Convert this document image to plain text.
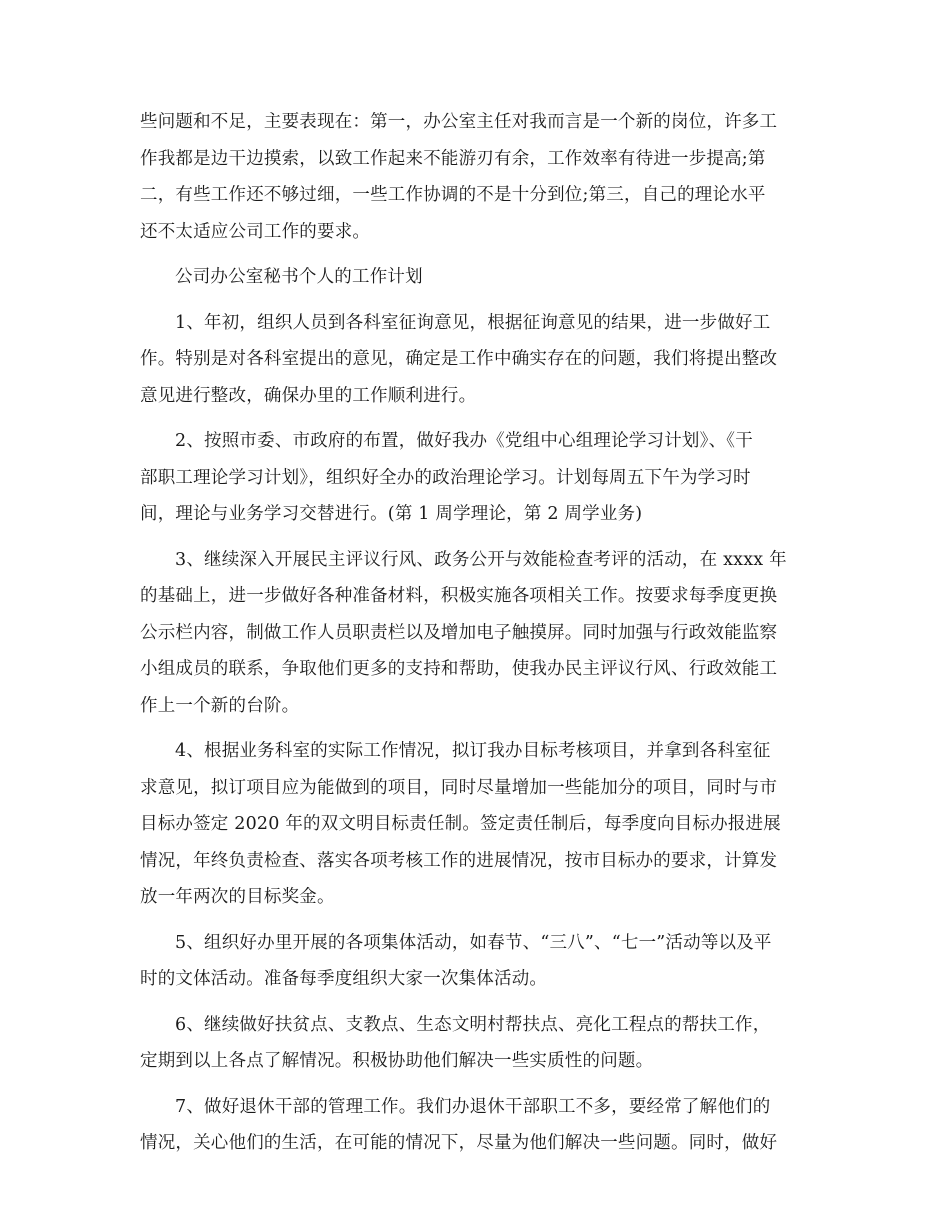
些问题和不足，主要表现在：第一，办公室主任对我而言是一个新的岗位，许多工
作我都是边干边摸索，以致工作起来不能游刃有余，工作效率有待进一步提高;第
二，有些工作还不够过细，一些工作协调的不是十分到位;第三，自己的理论水平
还不太适应公司工作的要求。
公司办公室秘书个人的工作计划
1、年初，组织人员到各科室征询意见，根据征询意见的结果，进一步做好工
作。特别是对各科室提出的意见，确定是工作中确实存在的问题，我们将提出整改
意见进行整改，确保办里的工作顺利进行。
2、按照市委、市政府的布置，做好我办《党组中心组理论学习计划》、《干
部职工理论学习计划》，组织好全办的政治理论学习。计划每周五下午为学习时
间，理论与业务学习交替进行。(第 1 周学理论，第 2 周学业务)
3、继续深入开展民主评议行风、政务公开与效能检查考评的活动，在 xxxx 年
的基础上，进一步做好各种准备材料，积极实施各项相关工作。按要求每季度更换
公示栏内容，制做工作人员职责栏以及增加电子触摸屏。同时加强与行政效能监察
小组成员的联系，争取他们更多的支持和帮助，使我办民主评议行风、行政效能工
作上一个新的台阶。
4、根据业务科室的实际工作情况，拟订我办目标考核项目，并拿到各科室征
求意见，拟订项目应为能做到的项目，同时尽量增加一些能加分的项目，同时与市
目标办签定 2020 年的双文明目标责任制。签定责任制后，每季度向目标办报进展
情况，年终负责检查、落实各项考核工作的进展情况，按市目标办的要求，计算发
放一年两次的目标奖金。
5、组织好办里开展的各项集体活动，如春节、“三八”、“七一”活动等以及平
时的文体活动。准备每季度组织大家一次集体活动。
6、继续做好扶贫点、支教点、生态文明村帮扶点、亮化工程点的帮扶工作，
定期到以上各点了解情况。积极协助他们解决一些实质性的问题。
7、做好退休干部的管理工作。我们办退休干部职工不多，要经常了解他们的
情况，关心他们的生活，在可能的情况下，尽量为他们解决一些问题。同时，做好
